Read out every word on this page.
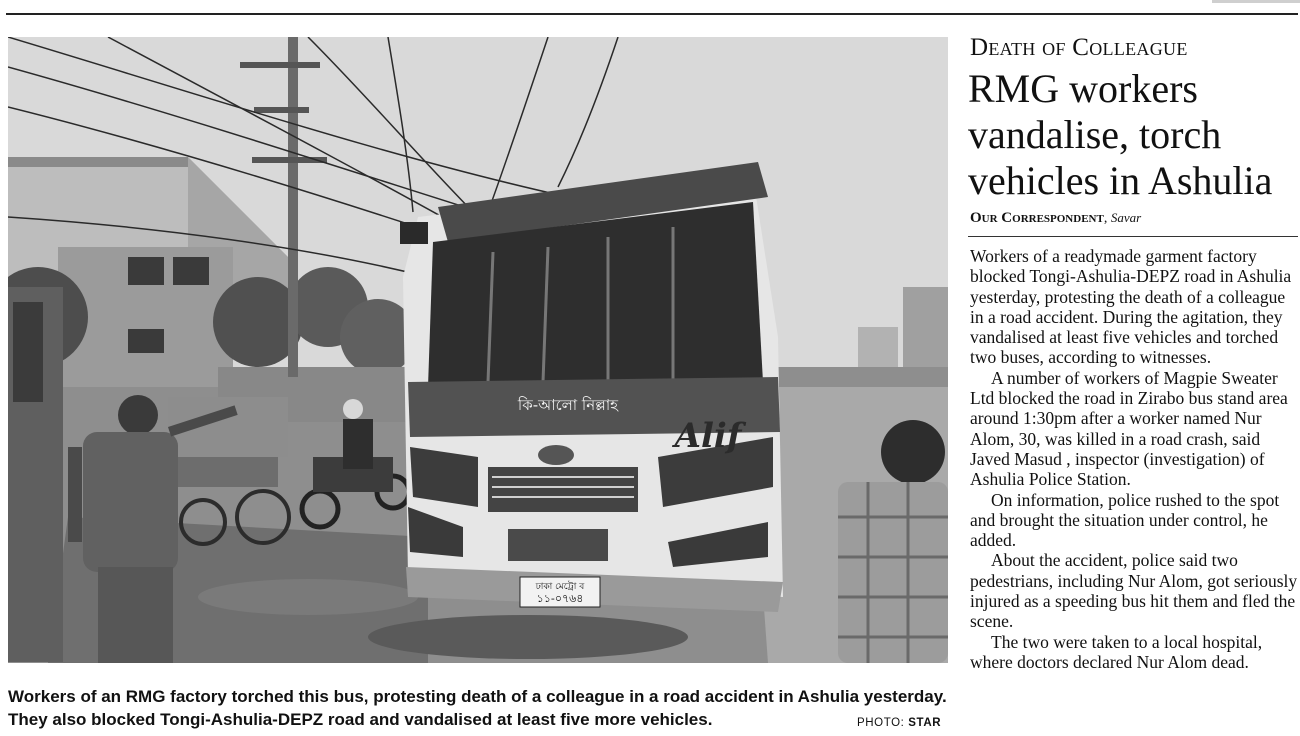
ঢাকা মেট্রো ব
১১-০৭৬৪
কি-আলো নিল্লাহ
Alif

Workers of an RMG factory torched this bus, protesting death of a colleague in a road accident in Ashulia yesterday.

They also blocked Tongi-Ashulia-DEPZ road and vandalised at least five more vehicles.	PHOTO: STAR
Death of Colleague
RMG workers vandalise, torch vehicles in Ashulia
Our Correspondent, Savar

Workers of a readymade garment factory blocked Tongi-Ashulia-DEPZ road in Ashulia yesterday, protesting the death of a colleague in a road accident. During the agitation, they vandalised at least five vehicles and torched two buses, according to witnesses.

A number of workers of Magpie Sweater Ltd blocked the road in Zirabo bus stand area around 1:30pm after a worker named Nur Alom, 30, was killed in a road crash, said Javed Masud , inspector (investigation) of Ashulia Police Station.

On information, police rushed to the spot and brought the situation under control, he added.

About the accident, police said two pedestrians, including Nur Alom, got seriously injured as a speeding bus hit them and fled the scene.

The two were taken to a local hospital, where doctors declared Nur Alom dead.
